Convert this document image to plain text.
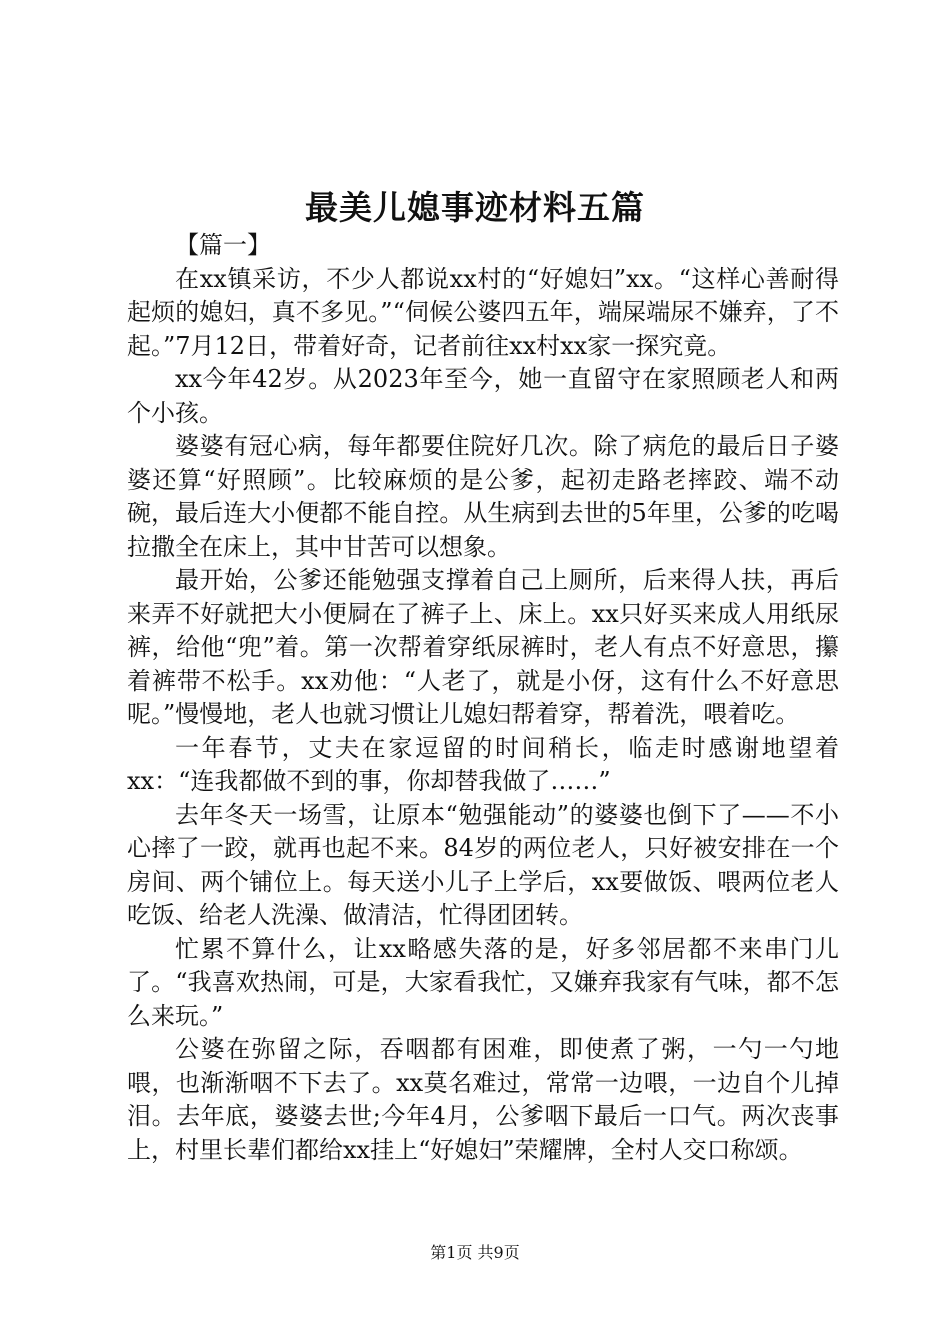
最美儿媳事迹材料五篇

【篇一】

在xx镇采访，不少人都说xx村的“好媳妇”xx。“这样心善耐得起烦的媳妇，真不多见。”“伺候公婆四五年，端屎端尿不嫌弃，了不起。”7月12日，带着好奇，记者前往xx村xx家一探究竟。

xx今年42岁。从2023年至今，她一直留守在家照顾老人和两个小孩。

婆婆有冠心病，每年都要住院好几次。除了病危的最后日子婆婆还算“好照顾”。比较麻烦的是公爹，起初走路老摔跤、端不动碗，最后连大小便都不能自控。从生病到去世的5年里，公爹的吃喝拉撒全在床上，其中甘苦可以想象。

最开始，公爹还能勉强支撑着自己上厕所，后来得人扶，再后来弄不好就把大小便屙在了裤子上、床上。xx只好买来成人用纸尿裤，给他“兜”着。第一次帮着穿纸尿裤时，老人有点不好意思，攥着裤带不松手。xx劝他：“人老了，就是小伢，这有什么不好意思呢。”慢慢地，老人也就习惯让儿媳妇帮着穿，帮着洗，喂着吃。

一年春节，丈夫在家逗留的时间稍长，临走时感谢地望着xx：“连我都做不到的事，你却替我做了……”

去年冬天一场雪，让原本“勉强能动”的婆婆也倒下了——不小心摔了一跤，就再也起不来。84岁的两位老人，只好被安排在一个房间、两个铺位上。每天送小儿子上学后，xx要做饭、喂两位老人吃饭、给老人洗澡、做清洁，忙得团团转。

忙累不算什么，让xx略感失落的是，好多邻居都不来串门儿了。“我喜欢热闹，可是，大家看我忙，又嫌弃我家有气味，都不怎么来玩。”

公婆在弥留之际，吞咽都有困难，即使煮了粥，一勺一勺地喂，也渐渐咽不下去了。xx莫名难过，常常一边喂，一边自个儿掉泪。去年底，婆婆去世;今年4月，公爹咽下最后一口气。两次丧事上，村里长辈们都给xx挂上“好媳妇”荣耀牌，全村人交口称颂。

第1页 共9页
